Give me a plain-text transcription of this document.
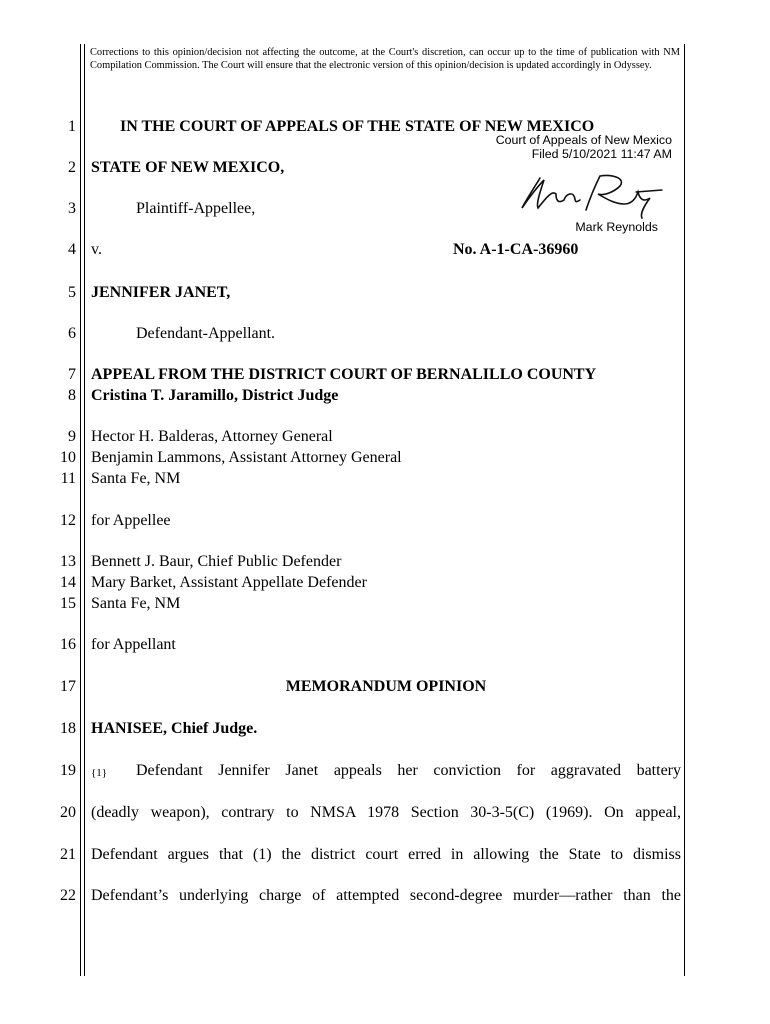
Corrections to this opinion/decision not affecting the outcome, at the Court's discretion, can occur up to the time of publication with NM Compilation Commission. The Court will ensure that the electronic version of this opinion/decision is updated accordingly in Odyssey.
1
2
3
4
5
6
7
8
9
10
11
12
13
14
15
16
17
18
19
20
21
22
IN THE COURT OF APPEALS OF THE STATE OF NEW MEXICO
Court of Appeals of New Mexico
Filed 5/10/2021 11:47 AM
Mark Reynolds
STATE OF NEW MEXICO,
Plaintiff-Appellee,
v.	No. A-1-CA-36960
JENNIFER JANET,
Defendant-Appellant.
APPEAL FROM THE DISTRICT COURT OF BERNALILLO COUNTY
Cristina T. Jaramillo, District Judge
Hector H. Balderas, Attorney General
Benjamin Lammons, Assistant Attorney General
Santa Fe, NM
for Appellee
Bennett J. Baur, Chief Public Defender
Mary Barket, Assistant Appellate Defender
Santa Fe, NM
for Appellant
MEMORANDUM OPINION
HANISEE, Chief Judge.
{1} Defendant Jennifer Janet appeals her conviction for aggravated battery
(deadly weapon), contrary to NMSA 1978 Section 30-3-5(C) (1969). On appeal,
Defendant argues that (1) the district court erred in allowing the State to dismiss
Defendant’s underlying charge of attempted second-degree murder—rather than the
